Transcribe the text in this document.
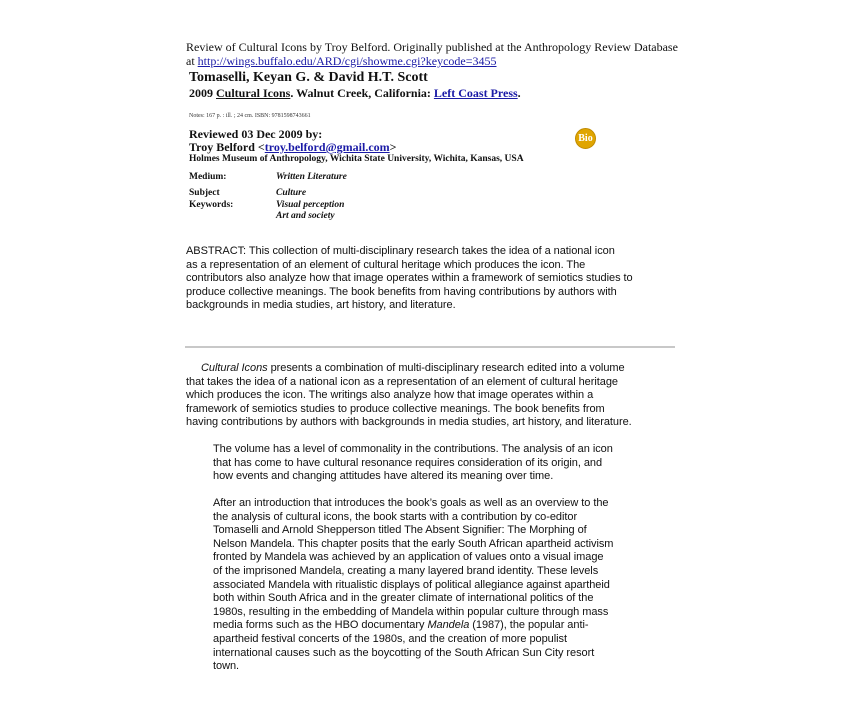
Review of Cultural Icons by Troy Belford. Originally published at the Anthropology Review Database
at http://wings.buffalo.edu/ARD/cgi/showme.cgi?keycode=3455
Tomaselli, Keyan G. & David H.T. Scott
2009 Cultural Icons. Walnut Creek, California: Left Coast Press.
Notes: 167 p. : ill. ; 24 cm. ISBN: 9781598743661
Reviewed 03 Dec 2009 by:
Troy Belford <troy.belford@gmail.com>
Holmes Museum of Anthropology, Wichita State University, Wichita, Kansas, USA
Bio
Medium:	Written Literature
Subject
Keywords:
Culture
Visual perception
Art and society
ABSTRACT: This collection of multi-disciplinary research takes the idea of a national icon
as a representation of an element of cultural heritage which produces the icon. The
contributors also analyze how that image operates within a framework of semiotics studies to
produce collective meanings. The book benefits from having contributions by authors with
backgrounds in media studies, art history, and literature.
Cultural Icons presents a combination of multi-disciplinary research edited into a volume
that takes the idea of a national icon as a representation of an element of cultural heritage
which produces the icon. The writings also analyze how that image operates within a
framework of semiotics studies to produce collective meanings. The book benefits from
having contributions by authors with backgrounds in media studies, art history, and literature.
The volume has a level of commonality in the contributions. The analysis of an icon
that has come to have cultural resonance requires consideration of its origin, and
how events and changing attitudes have altered its meaning over time.
After an introduction that introduces the book’s goals as well as an overview to the
the analysis of cultural icons, the book starts with a contribution by co-editor
Tomaselli and Arnold Shepperson titled The Absent Signifier: The Morphing of
Nelson Mandela. This chapter posits that the early South African apartheid activism
fronted by Mandela was achieved by an application of values onto a visual image
of the imprisoned Mandela, creating a many layered brand identity. These levels
associated Mandela with ritualistic displays of political allegiance against apartheid
both within South Africa and in the greater climate of international politics of the
1980s, resulting in the embedding of Mandela within popular culture through mass
media forms such as the HBO documentary Mandela (1987), the popular anti-
apartheid festival concerts of the 1980s, and the creation of more populist
international causes such as the boycotting of the South African Sun City resort
town.
